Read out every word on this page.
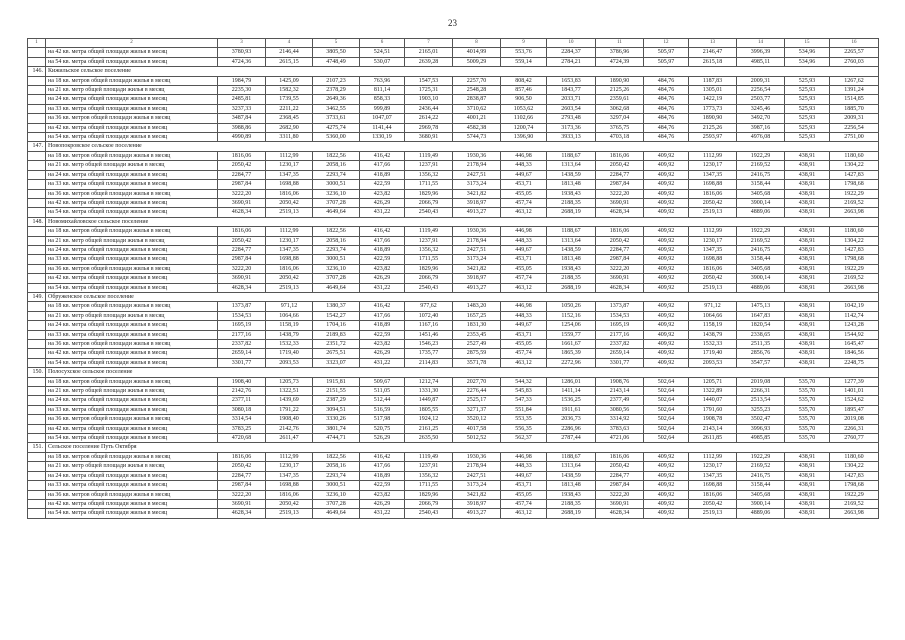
23
1	2	3	4	5	6	7	8	9	10	11	12	13	14	15	16
	на 42 кв. метра общей площади жилья в месяц	3780,93	2146,44	3805,50	524,51	2165,01	4014,99	553,76	2284,37	3786,96	505,97	2146,47	3996,39	534,96	2265,57
	на 54 кв. метра общей площади жилья в месяц	4724,36	2615,15	4748,49	530,07	2639,28	5009,29	559,14	2784,21	4724,39	505,97	2615,18	4985,11	534,96	2760,03
146.	Кижильское сельское поселение														
	на 18 кв. метров общей площади жилья в месяц	1984,79	1425,09	2107,23	763,96	1547,53	2257,70	808,42	1653,83	1890,90	484,76	1187,83	2009,31	525,93	1267,62
	на 21 кв. метр общей площади жилья в месяц	2235,30	1582,32	2378,29	811,14	1725,31	2548,28	857,46	1843,77	2125,26	484,76	1305,01	2256,54	525,93	1391,24
	на 24 кв. метра общей площади жилья в месяц	2485,81	1739,55	2649,36	858,33	1903,10	2838,87	906,50	2033,71	2359,61	484,76	1422,19	2503,77	525,93	1514,85
	на 33 кв. метра общей площади жилья в месяц	3237,33	2211,22	3462,55	999,89	2436,44	3710,62	1053,62	2603,54	3062,68	484,76	1773,73	3245,46	525,93	1885,70
	на 36 кв. метров общей площади жилья в месяц	3487,84	2368,45	3733,61	1047,07	2614,22	4001,21	1102,66	2793,48	3297,04	484,76	1890,90	3492,70	525,93	2009,31
	на 42 кв. метра общей площади жилья в месяц	3988,86	2682,90	4275,74	1141,44	2969,78	4582,38	1200,74	3173,36	3765,75	484,76	2125,26	3987,16	525,93	2256,54
	на 54 кв. метра общей площади жилья в месяц	4990,89	3311,80	5360,00	1330,19	3680,91	5744,73	1396,90	3933,13	4703,18	484,76	2593,97	4976,08	525,93	2751,00
147.	Новопокровское сельское поселение														
	на 18 кв. метров общей площади жилья в месяц	1816,06	1112,99	1822,56	416,42	1119,49	1930,36	446,98	1188,67	1816,06	409,92	1112,99	1922,29	438,91	1180,60
	на 21 кв. метр общей площади жилья в месяц	2050,42	1230,17	2058,16	417,66	1237,91	2178,94	448,33	1313,64	2050,42	409,92	1230,17	2169,52	438,91	1304,22
	на 24 кв. метра общей площади жилья в месяц	2284,77	1347,35	2293,74	418,89	1356,32	2427,51	449,67	1438,59	2284,77	409,92	1347,35	2416,75	438,91	1427,83
	на 33 кв. метра общей площади жилья в месяц	2987,84	1698,88	3000,51	422,59	1711,55	3173,24	453,71	1813,48	2987,84	409,92	1698,88	3158,44	438,91	1798,68
	на 36 кв. метров общей площади жилья в месяц	3222,20	1816,06	3236,10	423,82	1829,96	3421,82	455,05	1938,43	3222,20	409,92	1816,06	3405,68	438,91	1922,29
	на 42 кв. метра общей площади жилья в месяц	3690,91	2050,42	3707,28	426,29	2066,79	3918,97	457,74	2188,35	3690,91	409,92	2050,42	3900,14	438,91	2169,52
	на 54 кв. метра общей площади жилья в месяц	4628,34	2519,13	4649,64	431,22	2540,43	4913,27	463,12	2688,19	4628,34	409,92	2519,13	4889,06	438,91	2663,98
148.	Новомихайловское сельское поселение														
	на 18 кв. метров общей площади жилья в месяц	1816,06	1112,99	1822,56	416,42	1119,49	1930,36	446,98	1188,67	1816,06	409,92	1112,99	1922,29	438,91	1180,60
	на 21 кв. метр общей площади жилья в месяц	2050,42	1230,17	2058,16	417,66	1237,91	2178,94	448,33	1313,64	2050,42	409,92	1230,17	2169,52	438,91	1304,22
	на 24 кв. метра общей площади жилья в месяц	2284,77	1347,35	2293,74	418,89	1356,32	2427,51	449,67	1438,59	2284,77	409,92	1347,35	2416,75	438,91	1427,83
	на 33 кв. метра общей площади жилья в месяц	2987,84	1698,88	3000,51	422,59	1711,55	3173,24	453,71	1813,48	2987,84	409,92	1698,88	3158,44	438,91	1798,68
	на 36 кв. метров общей площади жилья в месяц	3222,20	1816,06	3236,10	423,82	1829,96	3421,82	455,05	1938,43	3222,20	409,92	1816,06	3405,68	438,91	1922,29
	на 42 кв. метра общей площади жилья в месяц	3690,91	2050,42	3707,28	426,29	2066,79	3918,97	457,74	2188,35	3690,91	409,92	2050,42	3900,14	438,91	2169,52
	на 54 кв. метра общей площади жилья в месяц	4628,34	2519,13	4649,64	431,22	2540,43	4913,27	463,12	2688,19	4628,34	409,92	2519,13	4889,06	438,91	2663,98
149.	Обруженское сельское поселение														
	на 18 кв. метров общей площади жилья в месяц	1373,87	971,12	1380,37	416,42	977,62	1483,20	446,98	1050,26	1373,87	409,92	971,12	1475,13	438,91	1042,19
	на 21 кв. метр общей площади жилья в месяц	1534,53	1064,66	1542,27	417,66	1072,40	1657,25	448,33	1152,16	1534,53	409,92	1064,66	1647,83	438,91	1142,74
	на 24 кв. метра общей площади жилья в месяц	1695,19	1158,19	1704,16	418,89	1167,16	1831,30	449,67	1254,06	1695,19	409,92	1158,19	1820,54	438,91	1243,28
	на 33 кв. метра общей площади жилья в месяц	2177,16	1438,79	2189,83	422,59	1451,46	2353,45	453,71	1559,77	2177,16	409,92	1438,79	2338,65	438,91	1544,92
	на 36 кв. метров общей площади жилья в месяц	2337,82	1532,33	2351,72	423,82	1546,23	2527,49	455,05	1661,67	2337,82	409,92	1532,33	2511,35	438,91	1645,47
	на 42 кв. метра общей площади жилья в месяц	2659,14	1719,40	2675,51	426,29	1735,77	2875,59	457,74	1865,39	2659,14	409,92	1719,40	2856,76	438,91	1846,56
	на 54 кв. метра общей площади жилья в месяц	3301,77	2093,53	3323,07	431,22	2114,83	3571,78	463,12	2272,96	3301,77	409,92	2093,53	3547,57	438,91	2248,75
150.	Полосухское сельское поселение														
	на 18 кв. метров общей площади жилья в месяц	1908,40	1205,73	1915,81	509,67	1212,74	2027,70	544,32	1286,01	1908,76	502,64	1205,71	2019,08	535,70	1277,39
	на 21 кв. метр общей площади жилья в месяц	2142,76	1322,51	2151,55	511,05	1331,30	2276,44	545,83	1411,14	2143,14	502,64	1322,89	2266,31	535,70	1401,01
	на 24 кв. метра общей площади жилья в месяц	2377,11	1439,69	2387,29	512,44	1449,87	2525,17	547,33	1536,25	2377,49	502,64	1440,07	2513,54	535,70	1524,62
	на 33 кв. метра общей площади жилья в месяц	3080,18	1791,22	3094,51	516,59	1805,55	3271,37	551,84	1911,61	3080,56	502,64	1791,60	3255,23	535,70	1895,47
	на 36 кв. метров общей площади жилья в месяц	3314,54	1908,40	3330,26	517,98	1924,12	3520,12	553,35	2036,73	3314,92	502,64	1908,78	3502,47	535,70	2019,08
	на 42 кв. метра общей площади жилья в месяц	3783,25	2142,76	3801,74	520,75	2161,25	4017,58	556,35	2286,96	3783,63	502,64	2143,14	3996,93	535,70	2266,31
	на 54 кв. метра общей площади жилья в месяц	4720,68	2611,47	4744,71	526,29	2635,50	5012,52	562,37	2787,44	4721,06	502,64	2611,85	4985,85	535,70	2760,77
151.	Сельское поселение Путь Октября														
	на 18 кв. метров общей площади жилья в месяц	1816,06	1112,99	1822,56	416,42	1119,49	1930,36	446,98	1188,67	1816,06	409,92	1112,99	1922,29	438,91	1180,60
	на 21 кв. метр общей площади жилья в месяц	2050,42	1230,17	2058,16	417,66	1237,91	2178,94	448,33	1313,64	2050,42	409,92	1230,17	2169,52	438,91	1304,22
	на 24 кв. метра общей площади жилья в месяц	2284,77	1347,35	2293,74	418,89	1356,32	2427,51	449,67	1438,59	2284,77	409,92	1347,35	2416,75	438,91	1427,83
	на 33 кв. метра общей площади жилья в месяц	2987,84	1698,88	3000,51	422,59	1711,55	3173,24	453,71	1813,48	2987,84	409,92	1698,88	3158,44	438,91	1798,68
	на 36 кв. метров общей площади жилья в месяц	3222,20	1816,06	3236,10	423,82	1829,96	3421,82	455,05	1938,43	3222,20	409,92	1816,06	3405,68	438,91	1922,29
	на 42 кв. метра общей площади жилья в месяц	3690,91	2050,42	3707,28	426,29	2066,79	3918,97	457,74	2188,35	3690,91	409,92	2050,42	3900,14	438,91	2169,52
	на 54 кв. метра общей площади жилья в месяц	4628,34	2519,13	4649,64	431,22	2540,43	4913,27	463,12	2688,19	4628,34	409,92	2519,13	4889,06	438,91	2663,98
